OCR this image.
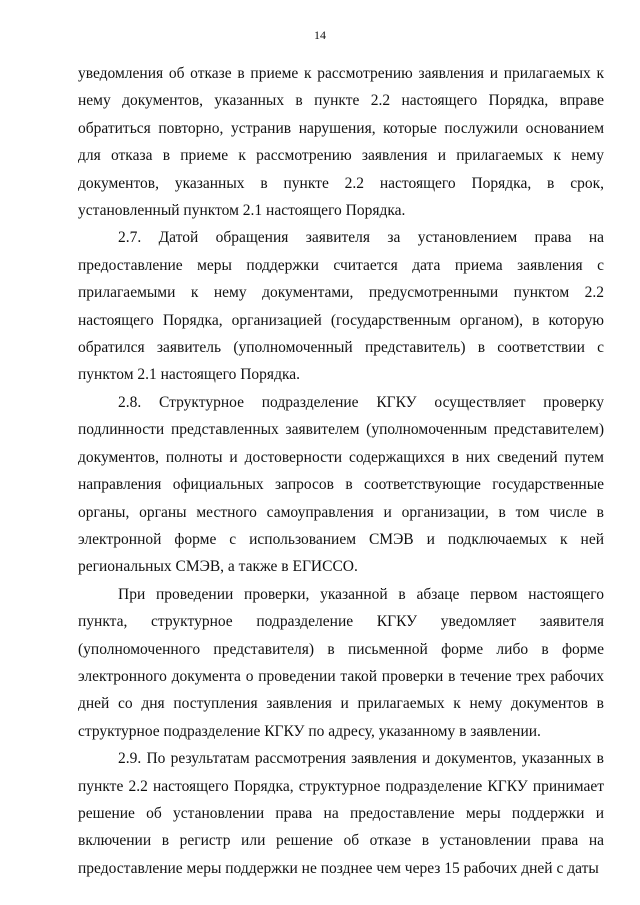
14

уведомления об отказе в приеме к рассмотрению заявления и прилагаемых к нему документов, указанных в пункте 2.2 настоящего Порядка, вправе обратиться повторно, устранив нарушения, которые послужили основанием для отказа в приеме к рассмотрению заявления и прилагаемых к нему документов, указанных в пункте 2.2 настоящего Порядка, в срок, установленный пунктом 2.1 настоящего Порядка.

2.7. Датой обращения заявителя за установлением права на предоставление меры поддержки считается дата приема заявления с прилагаемыми к нему документами, предусмотренными пунктом 2.2 настоящего Порядка, организацией (государственным органом), в которую обратился заявитель (уполномоченный представитель) в соответствии с пунктом 2.1 настоящего Порядка.

2.8. Структурное подразделение КГКУ осуществляет проверку подлинности представленных заявителем (уполномоченным представителем) документов, полноты и достоверности содержащихся в них сведений путем направления официальных запросов в соответствующие государственные органы, органы местного самоуправления и организации, в том числе в электронной форме с использованием СМЭВ и подключаемых к ней региональных СМЭВ, а также в ЕГИССО.

При проведении проверки, указанной в абзаце первом настоящего пункта, структурное подразделение КГКУ уведомляет заявителя (уполномоченного представителя) в письменной форме либо в форме электронного документа о проведении такой проверки в течение трех рабочих дней со дня поступления заявления и прилагаемых к нему документов в структурное подразделение КГКУ по адресу, указанному в заявлении.

2.9. По результатам рассмотрения заявления и документов, указанных в пункте 2.2 настоящего Порядка, структурное подразделение КГКУ принимает решение об установлении права на предоставление меры поддержки и включении в регистр или решение об отказе в установлении права на предоставление меры поддержки не позднее чем через 15 рабочих дней с даты
